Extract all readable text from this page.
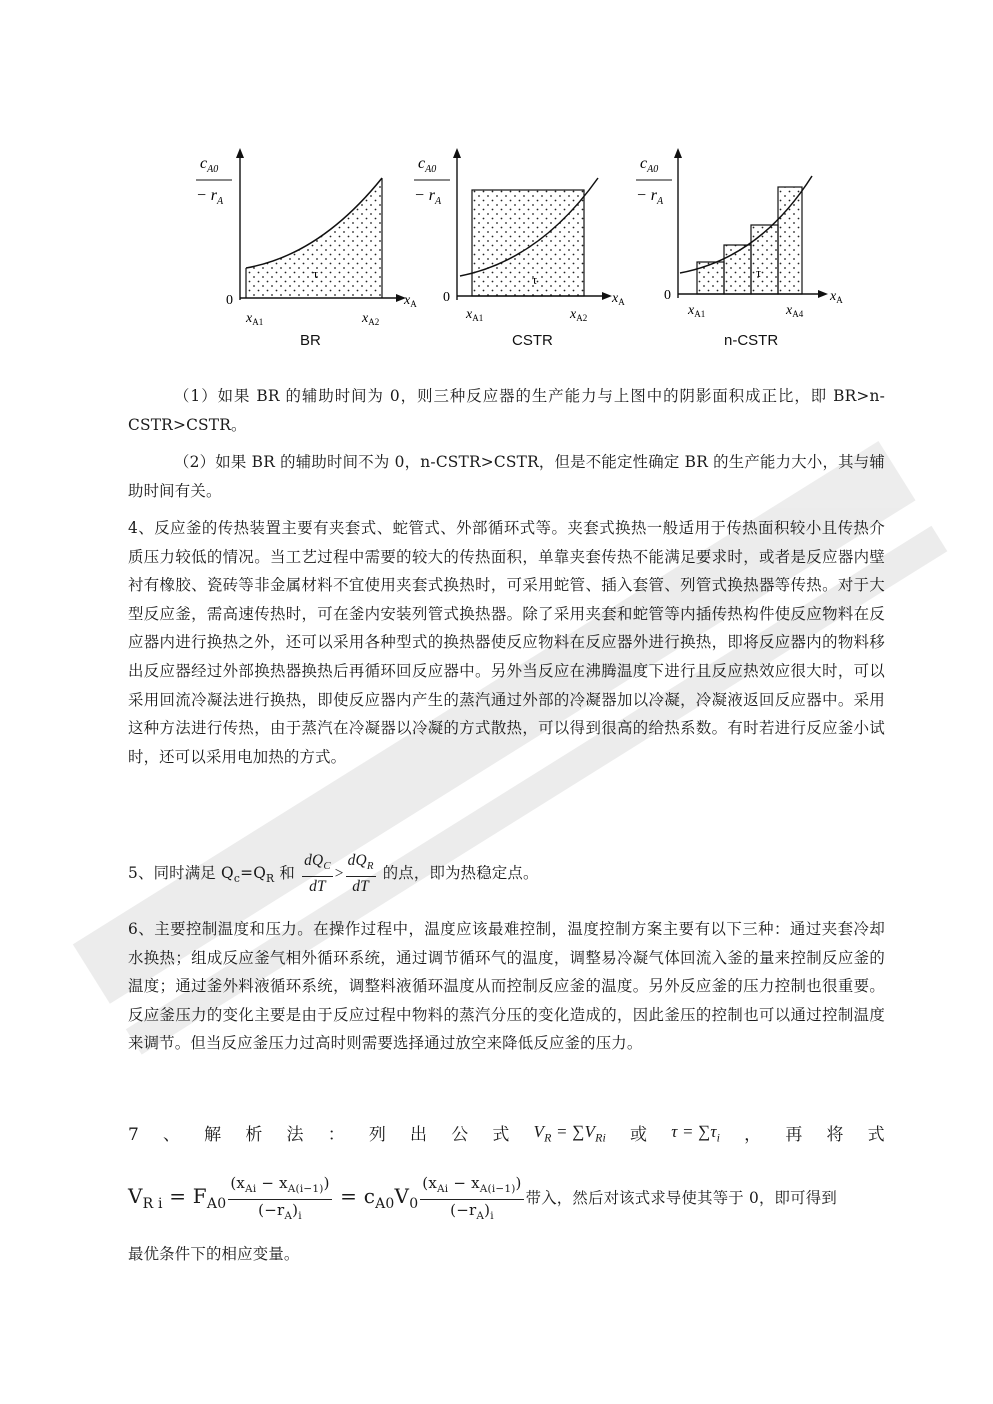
$c_{A0}$
− $r_A$
0	$x_A$
$x_{A1}$	$x_{A2}$
τ
$c_{A0}$
− $r_A$
0	$x_A$
$x_{A1}$	$x_{A2}$
τ
$c_{A0}$
− $r_A$
0	$x_A$
$x_{A1}$	$x_{A4}$
τ
BR	CSTR	n-CSTR
（1）如果 BR 的辅助时间为 0，则三种反应器的生产能力与上图中的阴影面积成正比，即 BR>n-CSTR>CSTR。
（2）如果 BR 的辅助时间不为 0，n-CSTR>CSTR，但是不能定性确定 BR 的生产能力大小，其与辅助时间有关。
4、反应釜的传热装置主要有夹套式、蛇管式、外部循环式等。夹套式换热一般适用于传热面积较小且传热介质压力较低的情况。当工艺过程中需要的较大的传热面积，单靠夹套传热不能满足要求时，或者是反应器内壁衬有橡胶、瓷砖等非金属材料不宜使用夹套式换热时，可采用蛇管、插入套管、列管式换热器等传热。对于大型反应釜，需高速传热时，可在釜内安装列管式换热器。除了采用夹套和蛇管等内插传热构件使反应物料在反应器内进行换热之外，还可以采用各种型式的换热器使反应物料在反应器外进行换热，即将反应器内的物料移出反应器经过外部换热器换热后再循环回反应器中。另外当反应在沸腾温度下进行且反应热效应很大时，可以采用回流冷凝法进行换热，即使反应器内产生的蒸汽通过外部的冷凝器加以冷凝，冷凝液返回反应器中。采用这种方法进行传热，由于蒸汽在冷凝器以冷凝的方式散热，可以得到很高的给热系数。有时若进行反应釜小试时，还可以采用电加热的方式。
5、同时满足 $Q_c=Q_R$ 和 $\frac{dQ_C}{dT} > \frac{dQ_R}{dT}$ 的点，即为热稳定点。
6、主要控制温度和压力。在操作过程中，温度应该最难控制，温度控制方案主要有以下三种：通过夹套冷却水换热；组成反应釜气相外循环系统，通过调节循环气的温度，调整易冷凝气体回流入釜的量来控制反应釜的温度；通过釜外料液循环系统，调整料液循环温度从而控制反应釜的温度。另外反应釜的压力控制也很重要。反应釜压力的变化主要是由于反应过程中物料的蒸汽分压的变化造成的，因此釜压的控制也可以通过控制温度来调节。但当反应釜压力过高时则需要选择通过放空来降低反应釜的压力。
7 、 解 析 法 ： 列 出 公 式 $V_R = \sum V_{Ri}$ 或 $\tau = \sum\tau_i$ ， 再 将 式
$V_{R i} = F_{A0} \frac{(x_{Ai} - x_{A(i-1)})}{(-r_A)_i} = c_{A0}V_0 \frac{(x_{Ai} - x_{A(i-1)})}{(-r_A)_i}$ 带入，然后对该式求导使其等于 0，即可得到
最优条件下的相应变量。
